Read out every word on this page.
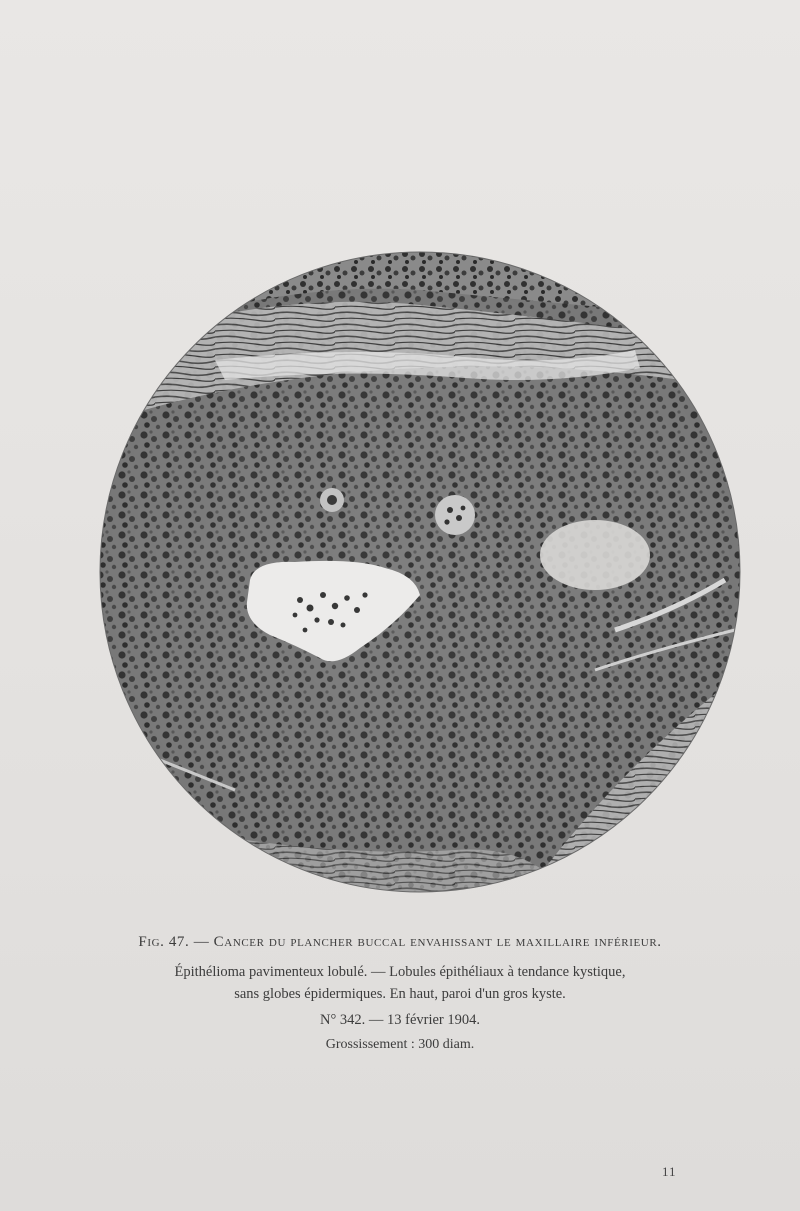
Fig. 47. — Cancer du plancher buccal envahissant le maxillaire inférieur.
Épithélioma pavimenteux lobulé. — Lobules épithéliaux à tendance kystique,
sans globes épidermiques. En haut, paroi d'un gros kyste.
N° 342. — 13 février 1904.
Grossissement : 300 diam.
11
